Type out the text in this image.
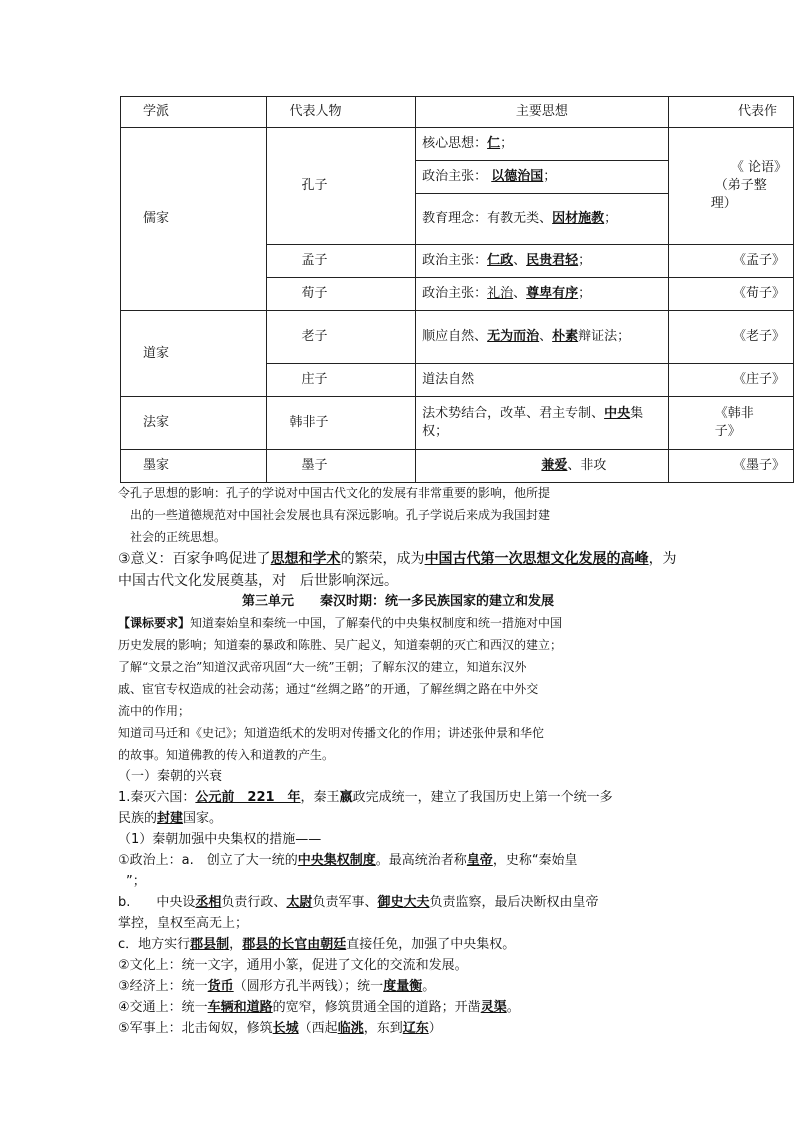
学派	代表人物	主要思想	代表作
儒家	孔子	核心思想：仁；	《 论语》
（弟子整
理）

		政治主张： 以德治国；	
		教育理念：有教无类、因材施教；	
	孟子	政治主张：仁政、民贵君轻；	《孟子》
	荀子	政治主张：礼治、尊卑有序；	《荀子》
道家	老子	顺应自然、无为而治、朴素辩证法；	《老子》
	庄子	道法自然	《庄子》
法家	韩非子	法术势结合，改革、君主专制、中央集权；	《韩非
子》

墨家	墨子	兼爱、非攻	《墨子》
令孔子思想的影响：孔子的学说对中国古代文化的发展有非常重要的影响，他所提
出的一些道德规范对中国社会发展也具有深远影响。孔子学说后来成为我国封建
社会的正统思想。
③意义：百家争鸣促进了思想和学术的繁荣，成为中国古代第一次思想文化发展的高峰，为中国古代文化发展奠基，对　后世影响深远。
第三单元　　秦汉时期：统一多民族国家的建立和发展
【课标要求】知道秦始皇和秦统一中国，了解秦代的中央集权制度和统一措施对中国
历史发展的影响；知道秦的暴政和陈胜、吴广起义，知道秦朝的灭亡和西汉的建立；
了解“文景之治”知道汉武帝巩固“大一统”王朝；了解东汉的建立，知道东汉外
戚、宦官专权造成的社会动荡；通过“丝绸之路”的开通，了解丝绸之路在中外交
流中的作用；
知道司马迁和《史记》；知道造纸术的发明对传播文化的作用；讲述张仲景和华佗
的故事。知道佛教的传入和道教的产生。
（一）秦朝的兴衰
1.秦灭六国：公元前　221　年，秦王嬴政完成统一，建立了我国历史上第一个统一多
民族的封建国家。
（1）秦朝加强中央集权的措施——
①政治上：a.　创立了大一统的中央集权制度。最高统治者称皇帝，史称“秦始皇
”；
b.　　中央设丞相负责行政、太尉负责军事、御史大夫负责监察，最后决断权由皇帝
掌控，皇权至高无上；
c．地方实行郡县制，郡县的长官由朝廷直接任免，加强了中央集权。
②文化上：统一文字，通用小篆，促进了文化的交流和发展。
③经济上：统一货币（圆形方孔半两钱）；统一度量衡。
④交通上：统一车辆和道路的宽窄，修筑贯通全国的道路；开凿灵渠。
⑤军事上：北击匈奴，修筑长城（西起临洮，东到辽东）
